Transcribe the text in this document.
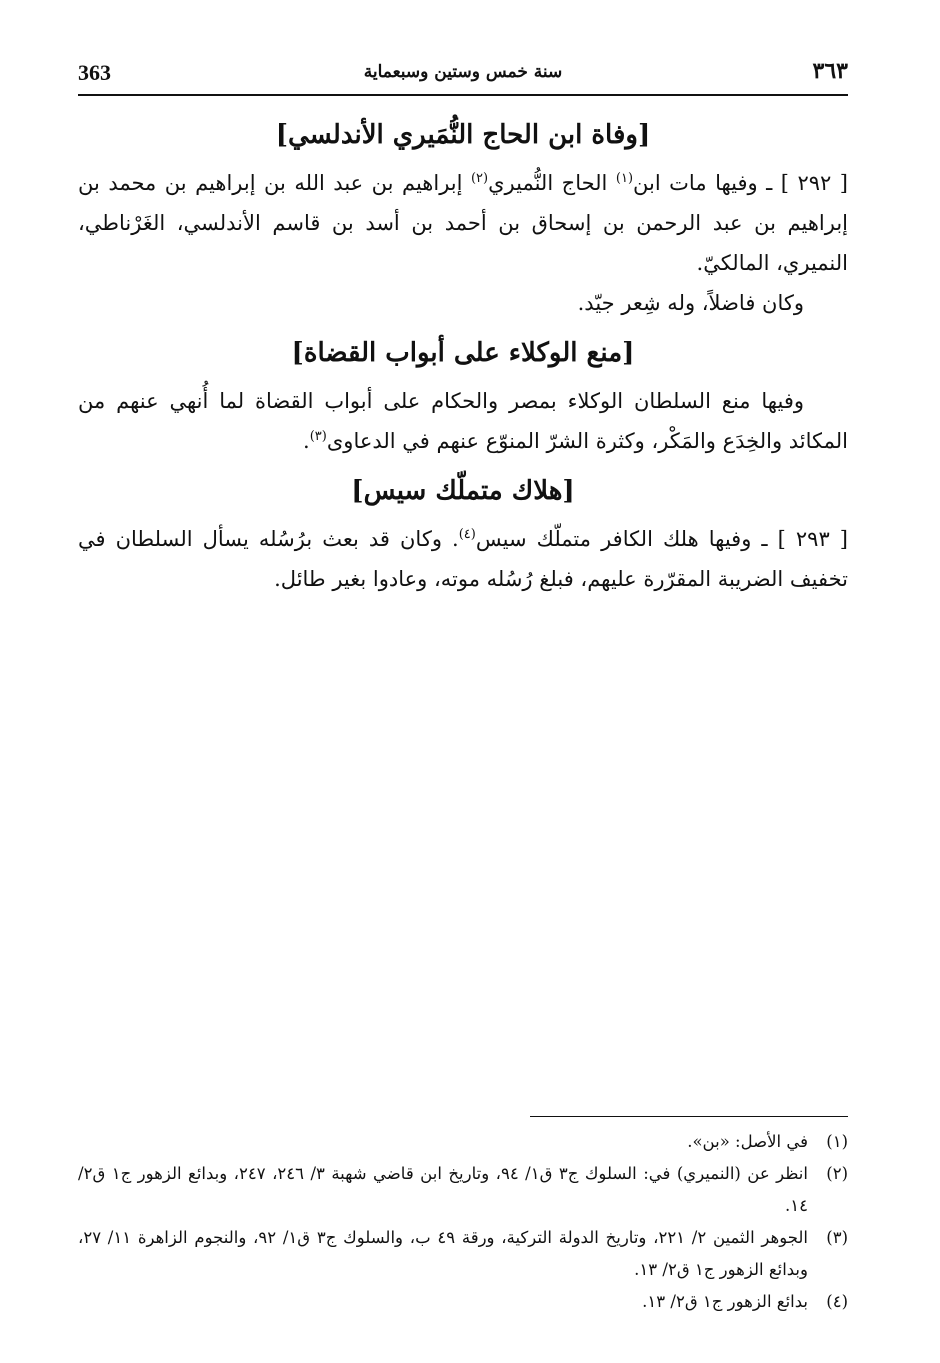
363	سنة خمس وستين وسبعماية	٣٦٣
[وفاة ابن الحاج النُّمَيري الأندلسي]

[ ٢٩٢ ] ـ وفيها مات ابن$^{(١)}$ الحاج النُّميري$^{(٢)}$ إبراهيم بن عبد الله بن إبراهيم بن محمد بن إبراهيم بن عبد الرحمن بن إسحاق بن أحمد بن أسد بن قاسم الأندلسي، الغَرْناطي، النميري، المالكيّ.

وكان فاضلاً، وله شِعر جيّد.

[منع الوكلاء على أبواب القضاة]

وفيها منع السلطان الوكلاء بمصر والحكام على أبواب القضاة لما أُنهي عنهم من المكائد والخِدَع والمَكْر، وكثرة الشرّ المنوّع عنهم في الدعاوى$^{(٣)}$.

[هلاك متملّك سيس]

[ ٢٩٣ ] ـ وفيها هلك الكافر متملّك سيس$^{(٤)}$. وكان قد بعث برُسُله يسأل السلطان في تخفيف الضريبة المقرّرة عليهم، فبلغ رُسُله موته، وعادوا بغير طائل.

(١)
في الأصل: «بن».
(٢)
انظر عن (النميري) في: السلوك ج٣ ق١/ ٩٤، وتاريخ ابن قاضي شهبة ٣/ ٢٤٦، ٢٤٧، وبدائع الزهور ج١ ق٢/ ١٤.
(٣)
الجوهر الثمين ٢/ ٢٢١، وتاريخ الدولة التركية، ورقة ٤٩ ب، والسلوك ج٣ ق١/ ٩٢، والنجوم الزاهرة ١١/ ٢٧، وبدائع الزهور ج١ ق٢/ ١٣.
(٤)
بدائع الزهور ج١ ق٢/ ١٣.
